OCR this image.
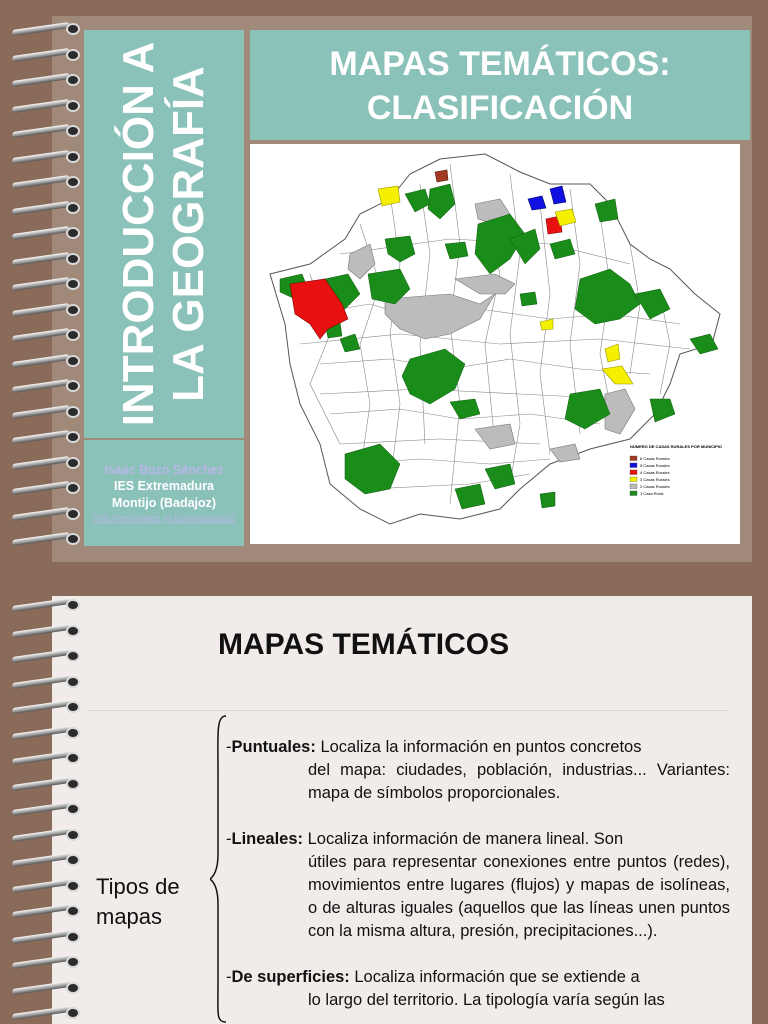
INTRODUCCIÓN A LA GEOGRAFÍA
Isaac Buzo Sánchez
IES Extremadura
Montijo (Badajoz)
http://personales.ya.com/isaacbuzo
MAPAS TEMÁTICOS:
CLASIFICACIÓN
NÚMERO DE CASAS RURALES POR MUNICIPIO
6 Casas Rurales
5 Casas Rurales
4 Casas Rurales
3 Casas Rurales
2 Casas Rurales
1 Casa Rural
MAPAS TEMÁTICOS
Tipos de
mapas

-Puntuales: Localiza la información en puntos concretos

del mapa: ciudades, población, industrias... Variantes: mapa de símbolos proporcionales.

-Lineales: Localiza información de manera lineal. Son

útiles para representar conexiones entre puntos (redes), movimientos entre lugares (flujos) y mapas de isolíneas, o de alturas iguales (aquellos que las líneas unen puntos con la misma altura, presión, precipitaciones...).

-De superficies: Localiza información que se extiende a

lo largo del territorio. La tipología varía según las
